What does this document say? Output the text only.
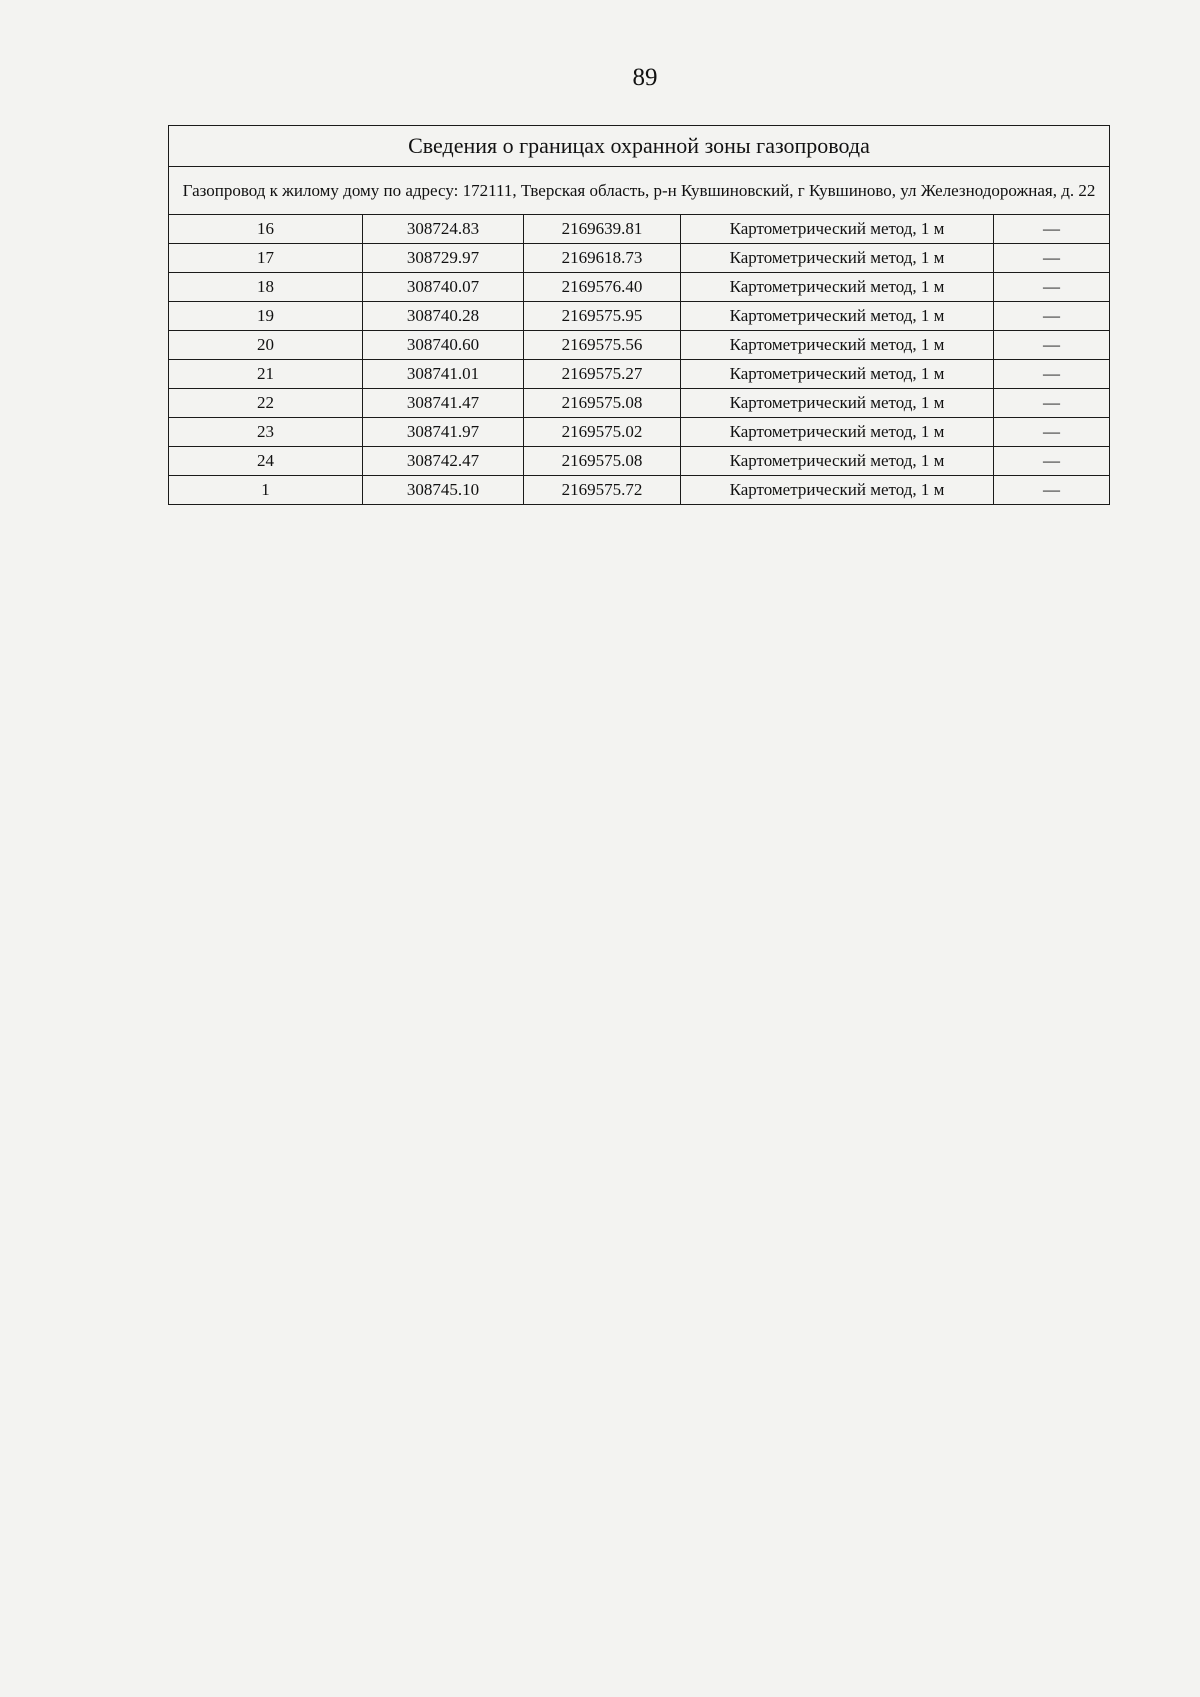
89
Сведения о границах охранной зоны газопровода				
Газопровод к жилому дому по адресу: 172111, Тверская область, р-н Кувшиновский, г Кувшиново, ул Железнодорожная, д. 22				
16	308724.83	2169639.81	Картометрический метод, 1 м	—
17	308729.97	2169618.73	Картометрический метод, 1 м	—
18	308740.07	2169576.40	Картометрический метод, 1 м	—
19	308740.28	2169575.95	Картометрический метод, 1 м	—
20	308740.60	2169575.56	Картометрический метод, 1 м	—
21	308741.01	2169575.27	Картометрический метод, 1 м	—
22	308741.47	2169575.08	Картометрический метод, 1 м	—
23	308741.97	2169575.02	Картометрический метод, 1 м	—
24	308742.47	2169575.08	Картометрический метод, 1 м	—
1	308745.10	2169575.72	Картометрический метод, 1 м	—
